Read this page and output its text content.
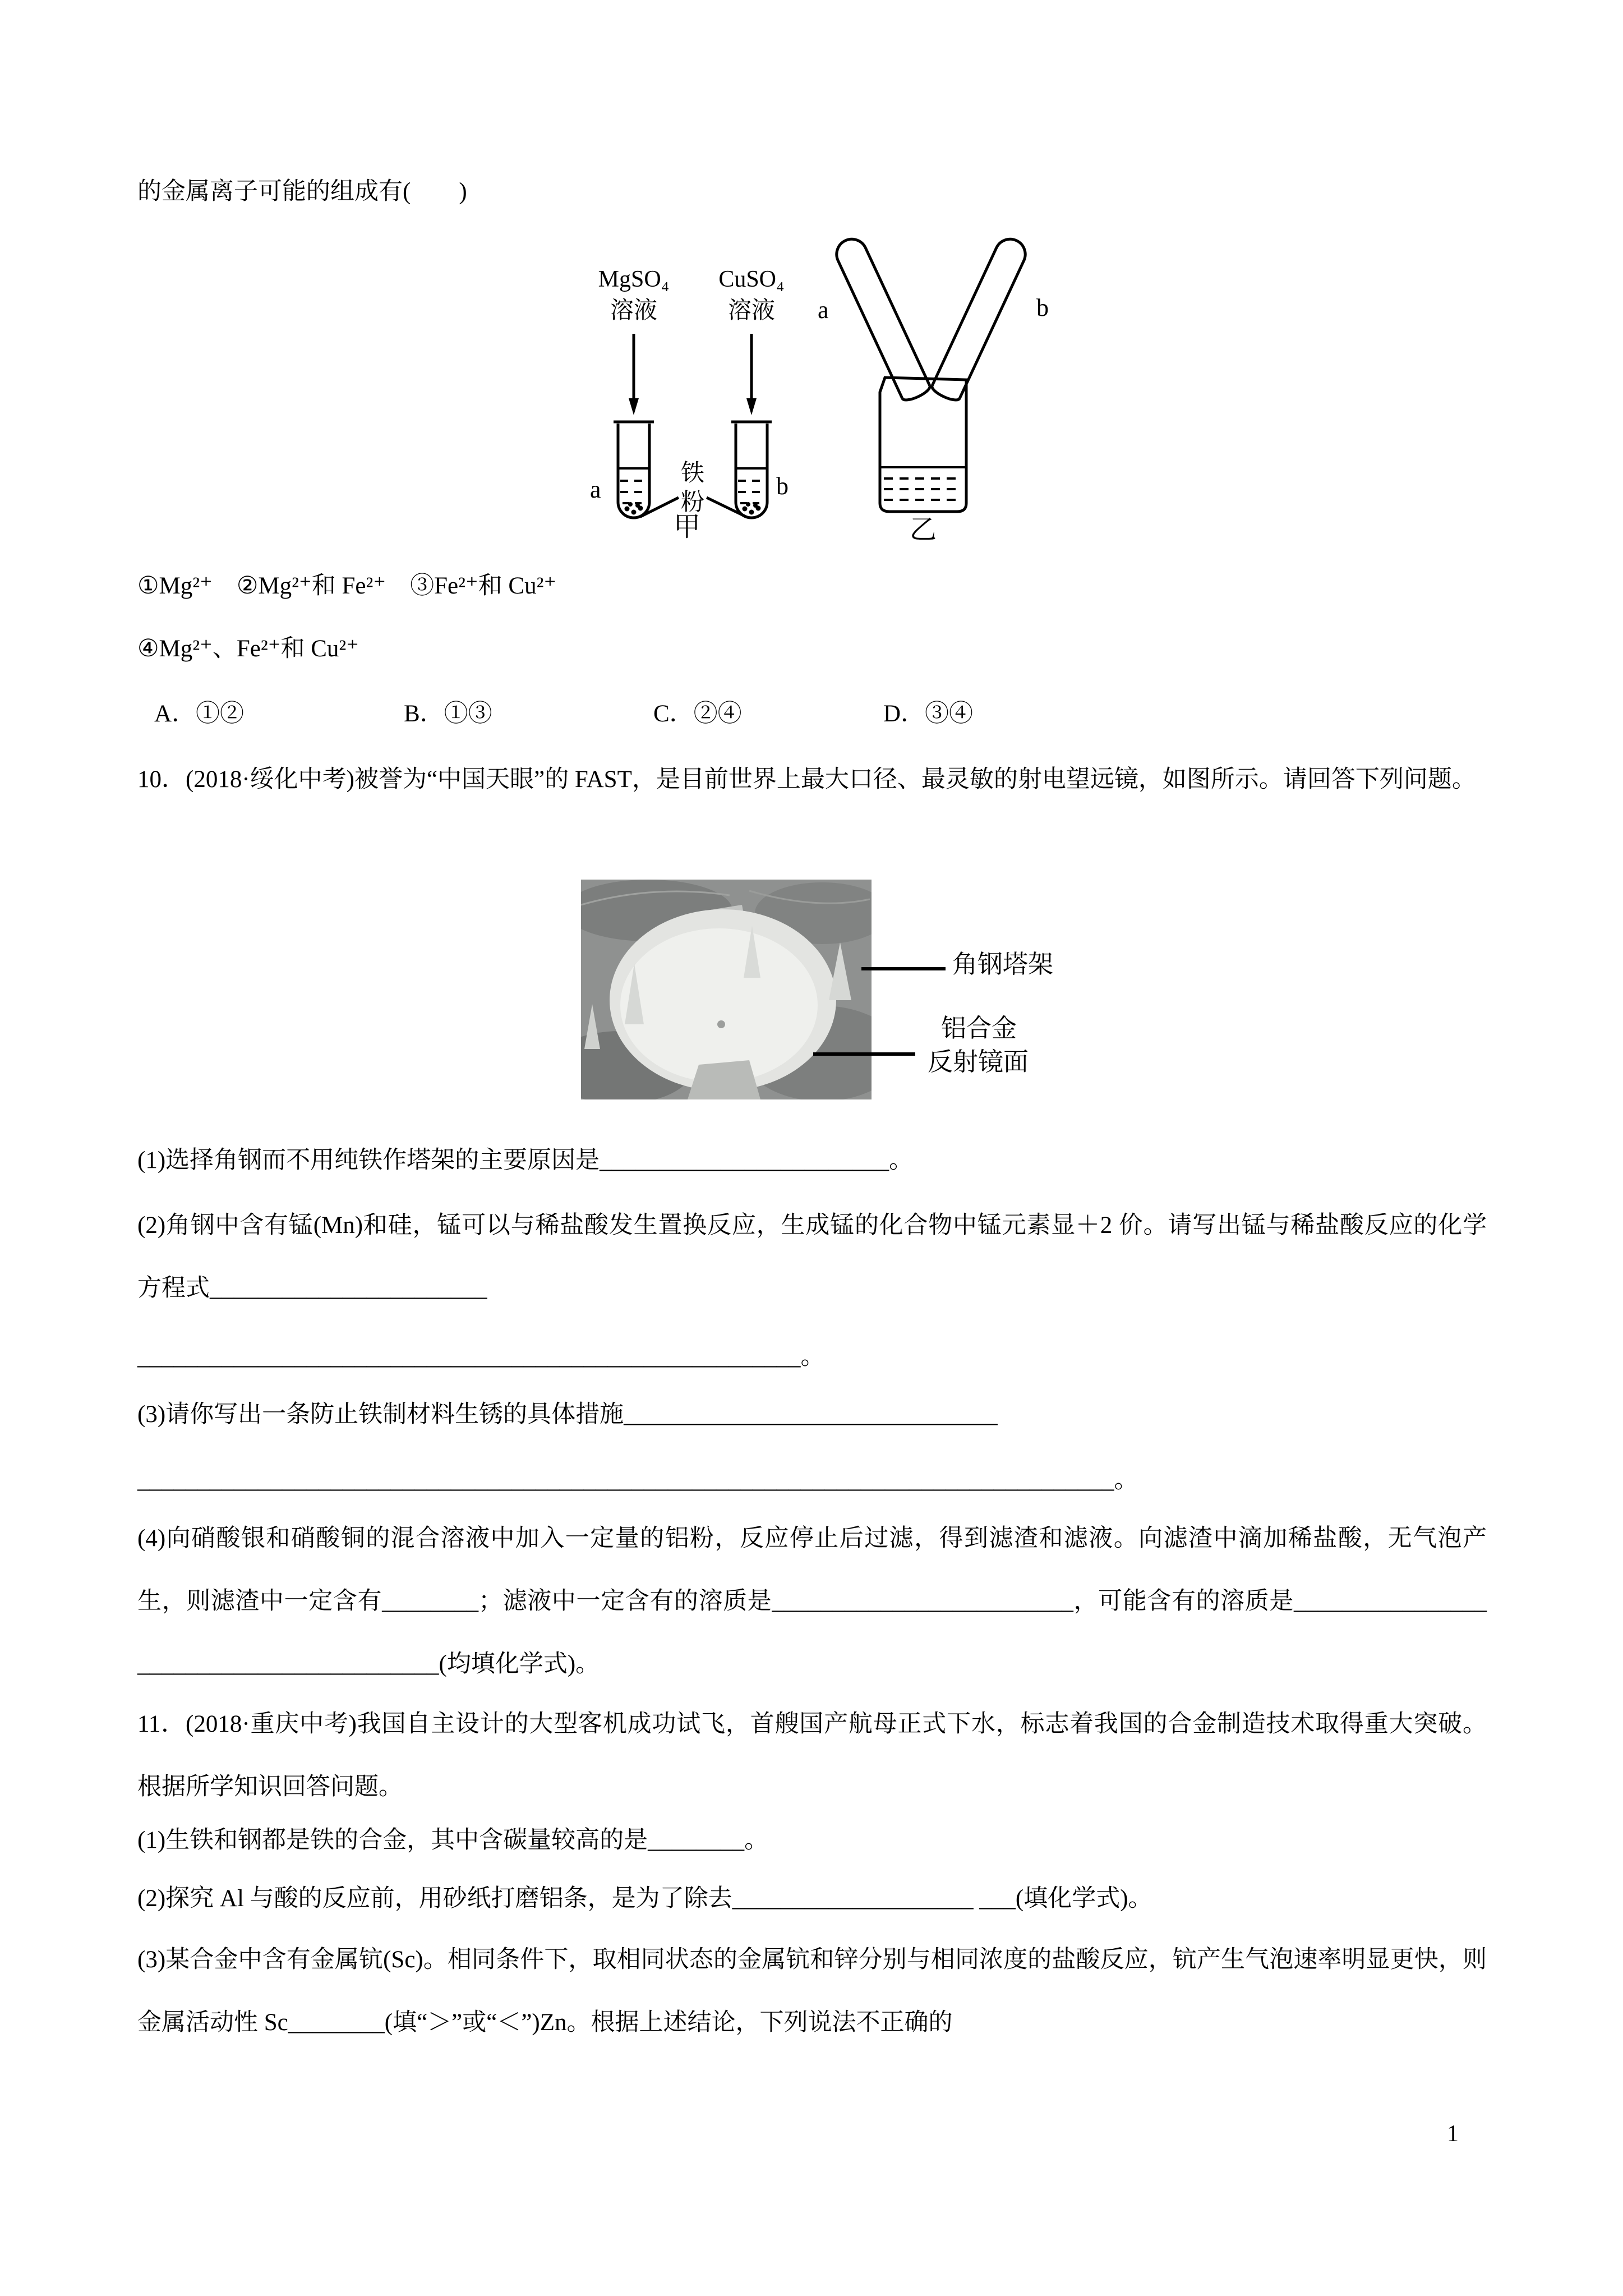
的金属离子可能的组成有(　　)

MgSO₄
溶液
CuSO₄
溶液
a	b
铁
粉
甲
a	b
乙

①Mg²⁺　②Mg²⁺和 Fe²⁺　③Fe²⁺和 Cu²⁺

④Mg²⁺、Fe²⁺和 Cu²⁺

A．①②	B．①③	C．②④	D．③④

10．(2018·绥化中考)被誉为“中国天眼”的 FAST，是目前世界上最大口径、最灵敏的射电望远镜，如图所示。请回答下列问题。

角钢塔架
铝合金
反射镜面

(1)选择角钢而不用纯铁作塔架的主要原因是________________________。

(2)角钢中含有锰(Mn)和硅，锰可以与稀盐酸发生置换反应，生成锰的化合物中锰元素显＋2 价。请写出锰与稀盐酸反应的化学方程式_______________________

_______________________________________________________。

(3)请你写出一条防止铁制材料生锈的具体措施_______________________________

_________________________________________________________________________________。

(4)向硝酸银和硝酸铜的混合溶液中加入一定量的铝粉，反应停止后过滤，得到滤渣和滤液。向滤渣中滴加稀盐酸，无气泡产生，则滤渣中一定含有________；滤液中一定含有的溶质是_________________________，可能含有的溶质是_________________________________________(均填化学式)。

11．(2018·重庆中考)我国自主设计的大型客机成功试飞，首艘国产航母正式下水，标志着我国的合金制造技术取得重大突破。根据所学知识回答问题。

(1)生铁和钢都是铁的合金，其中含碳量较高的是________。

(2)探究 Al 与酸的反应前，用砂纸打磨铝条，是为了除去____________________ ___(填化学式)。

(3)某合金中含有金属钪(Sc)。相同条件下，取相同状态的金属钪和锌分别与相同浓度的盐酸反应，钪产生气泡速率明显更快，则金属活动性 Sc________(填“＞”或“＜”)Zn。根据上述结论，下列说法不正确的

1
